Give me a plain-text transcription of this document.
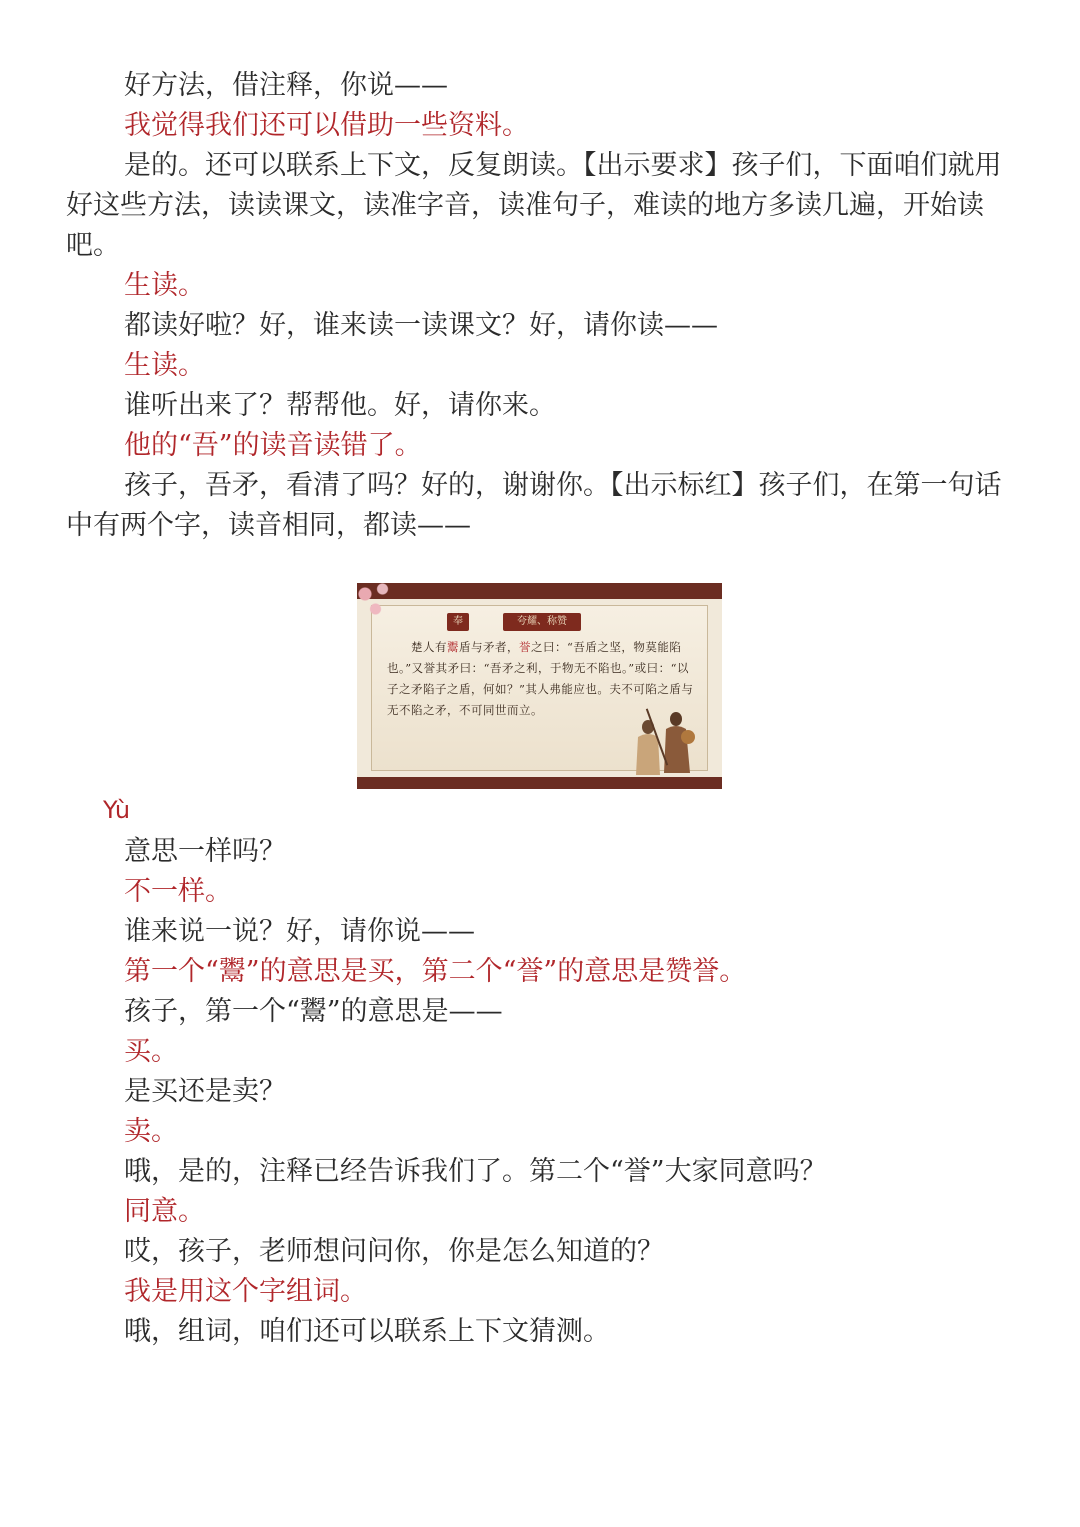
好方法，借注释，你说——

我觉得我们还可以借助一些资料。

是的。还可以联系上下文，反复朗读。【出示要求】孩子们，下面咱们就用好这些方法，读读课文，读准字音，读准句子，难读的地方多读几遍，开始读吧。

生读。

都读好啦？好，谁来读一读课文？好，请你读——

生读。

谁听出来了？帮帮他。好，请你来。

他的“吾”的读音读错了。

孩子，吾矛，看清了吗？好的，谢谢你。【出示标红】孩子们，在第一句话中有两个字，读音相同，都读——

奉	夸耀、称赞
楚人有鬻盾与矛者，誉之曰：“吾盾之坚，物莫能陷也。”又誉其矛曰：“吾矛之利，于物无不陷也。”或曰：“以子之矛陷子之盾，何如？”其人弗能应也。夫不可陷之盾与无不陷之矛，不可同世而立。
Yù

意思一样吗？

不一样。

谁来说一说？好，请你说——

第一个“鬻”的意思是买，第二个“誉”的意思是赞誉。

孩子，第一个“鬻”的意思是——

买。

是买还是卖？

卖。

哦，是的，注释已经告诉我们了。第二个“誉”大家同意吗？

同意。

哎，孩子，老师想问问你，你是怎么知道的？

我是用这个字组词。

哦，组词，咱们还可以联系上下文猜测。
